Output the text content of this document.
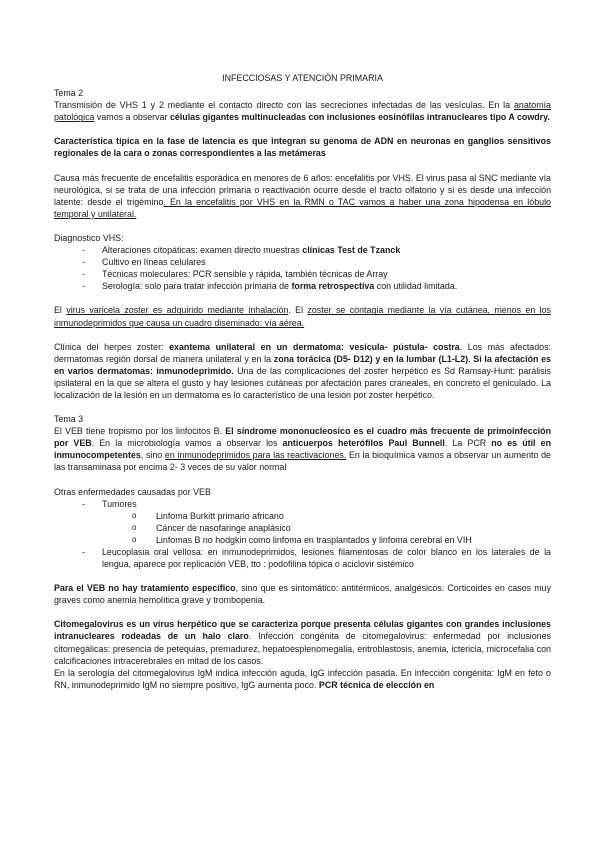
INFECCIOSAS Y ATENCIÓN PRIMARIA

Tema 2

Transmisión de VHS 1 y 2 mediante el contacto directo con las secreciones infectadas de las vesículas. En la anatomía patológica vamos a observar células gigantes multinucleadas con inclusiones eosinófilas intranucleares tipo A cowdry.

Característica típica en la fase de latencia es que integran su genoma de ADN en neuronas en ganglios sensitivos regionales de la cara o zonas correspondientes a las metámeras

Causa más frecuente de encefalitis esporádica en menores de 6 años: encefalitis por VHS. El virus pasa al SNC mediante vía neurológica, si se trata de una infección primaria o reactivación ocurre desde el tracto olfatorio y si es desde una infección latente: desde el trigémino. En la encefalitis por VHS en la RMN o TAC vamos a haber una zona hipodensa en lóbulo temporal y unilateral.

Diagnostico VHS:

- Alteraciones citopáticas: examen directo muestras clínicas Test de Tzanck
- Cultivo en líneas celulares
- Técnicas moleculares: PCR sensible y rápida, también técnicas de Array
- Serología: solo para tratar infección primaria de forma retrospectiva con utilidad limitada.

El virus varicela zoster es adquirido mediante inhalación. El zoster se contagia mediante la vía cutánea, menos en los inmunodeprimidos que causa un cuadro diseminado: vía aérea.

Clínica del herpes zoster: exantema unilateral en un dermatoma: vesícula- pústula- costra. Los más afectados: dermatomas región dorsal de manera unilateral y en la zona torácica (D5- D12) y en la lumbar (L1-L2). Si la afectación es en varios dermatomas: inmunodeprimido. Una de las complicaciones del zoster herpético es Sd Ramsay-Hunt: parálisis ipsilateral en la que se altera el gusto y hay lesiones cutáneas por afectación pares craneales, en concreto el geniculado. La localización de la lesión en un dermatoma es lo característico de una lesión por zoster herpético.

Tema 3

El VEB tiene tropismo por los linfocitos B. El síndrome mononucleosico es el cuadro más frecuente de primoinfección por VEB. En la microbiología vamos a observar los anticuerpos heterófilos Paul Bunnell. La PCR no es útil en inmunocompetentes, sino en inmunodeprimidos para las reactivaciones. En la bioquímica vamos a observar un aumento de las transaminasa por encima 2- 3 veces de su valor normal

Otras enfermedades causadas por VEB

- Tumores
o Linfoma Burkitt primario africano
o Cáncer de nasofaringe anaplásico
o Linfomas B no hodgkin como linfoma en trasplantados y linfoma cerebral en VIH
- Leucoplasia oral vellosa: en inmunodeprimidos, lesiones filamentosas de color blanco en los laterales de la lengua, aparece por replicación VEB, tto : podofilina tópica o aciclovir sistémico

Para el VEB no hay tratamiento específico, sino que es sintomático: antitérmicos, analgésicos. Corticoides en casos muy graves como anemia hemolítica grave y trombopenia.

Citomegalovirus es un virus herpético que se caracteriza porque presenta células gigantes con grandes inclusiones intranucleares rodeadas de un halo claro. Infección congénita de citomegalovirus: enfermedad por inclusiones citomegálicas: presencia de petequias, premadurez, hepatoesplenomegalia, eritroblastosis, anemia, ictericia, microcefalia con calcificaciones intracerebrales en mitad de los casos.

En la serología del citomegalovirus IgM indica infección aguda, IgG infección pasada. En infección congénita: IgM en feto o RN, inmunodeprimido IgM no siempre positivo, IgG aumenta poco. PCR técnica de elección en
